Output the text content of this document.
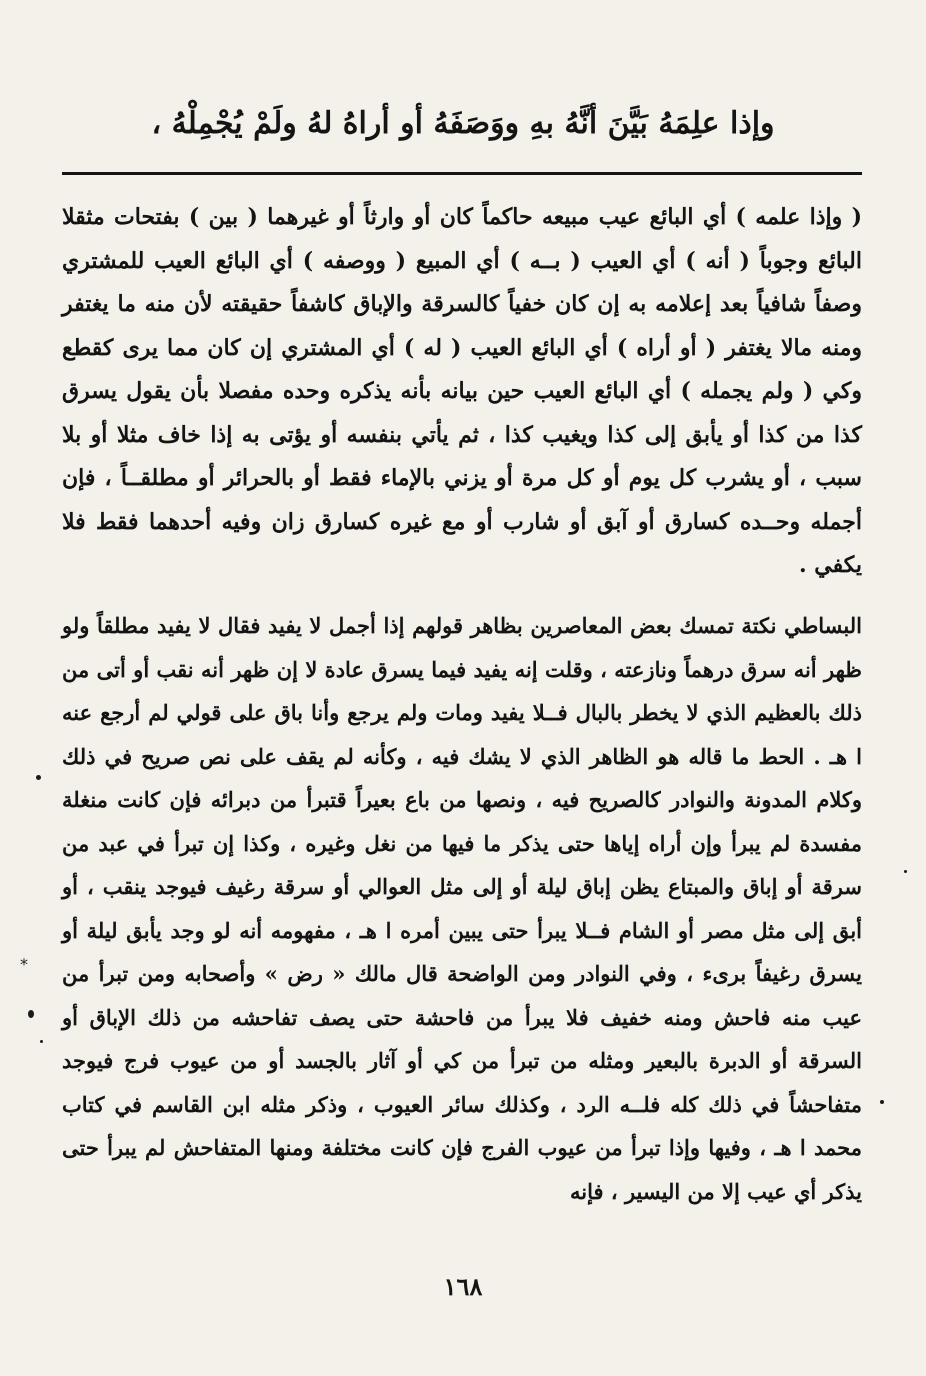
وإذا علِمَهُ بَيَّنَ أنَّهُ بهِ ووَصَفَهُ أو أراهُ لهُ ولَمْ يُجْمِلْهُ ،

( وإذا علمه ) أي البائع عيب مبيعه حاكماً كان أو وارثاً أو غيرهما ( بين ) بفتحات مثقلا البائع وجوباً ( أنه ) أي العيب ( بــه ) أي المبيع ( ووصفه ) أي البائع العيب للمشتري وصفاً شافياً بعد إعلامه به إن كان خفياً كالسرقة والإباق كاشفاً حقيقته لأن منه ما يغتفر ومنه مالا يغتفر ( أو أراه ) أي البائع العيب ( له ) أي المشتري إن كان مما يرى كقطع وكي ( ولم يجمله ) أي البائع العيب حين بيانه بأنه يذكره وحده مفصلا بأن يقول يسرق كذا من كذا أو يأبق إلى كذا ويغيب كذا ، ثم يأتي بنفسه أو يؤتى به إذا خاف مثلا أو بلا سبب ، أو يشرب كل يوم أو كل مرة أو يزني بالإماء فقط أو بالحرائر أو مطلقــاً ، فإن أجمله وحــده كسارق أو آبق أو شارب أو مع غيره كسارق زان وفيه أحدهما فقط فلا يكفي .

البساطي نكتة تمسك بعض المعاصرين بظاهر قولهم إذا أجمل لا يفيد فقال لا يفيد مطلقاً ولو ظهر أنه سرق درهماً ونازعته ، وقلت إنه يفيد فيما يسرق عادة لا إن ظهر أنه نقب أو أتى من ذلك بالعظيم الذي لا يخطر بالبال فــلا يفيد ومات ولم يرجع وأنا باق على قولي لم أرجع عنه ا هـ . الحط ما قاله هو الظاهر الذي لا يشك فيه ، وكأنه لم يقف على نص صريح في ذلك وكلام المدونة والنوادر كالصريح فيه ، ونصها من باع بعيراً قتبرأ من دبرائه فإن كانت منغلة مفسدة لم يبرأ وإن أراه إياها حتى يذكر ما فيها من نغل وغيره ، وكذا إن تبرأ في عبد من سرقة أو إباق والمبتاع يظن إباق ليلة أو إلى مثل العوالي أو سرقة رغيف فيوجد ينقب ، أو أبق إلى مثل مصر أو الشام فــلا يبرأ حتى يبين أمره ا هـ ، مفهومه أنه لو وجد يأبق ليلة أو يسرق رغيفاً برىء ، وفي النوادر ومن الواضحة قال مالك « رض » وأصحابه ومن تبرأ من عيب منه فاحش ومنه خفيف فلا يبرأ من فاحشة حتى يصف تفاحشه من ذلك الإباق أو السرقة أو الدبرة بالبعير ومثله من تبرأ من كي أو آثار بالجسد أو من عيوب فرج فيوجد متفاحشاً في ذلك كله فلــه الرد ، وكذلك سائر العيوب ، وذكر مثله ابن القاسم في كتاب محمد ا هـ ، وفيها وإذا تبرأ من عيوب الفرج فإن كانت مختلفة ومنها المتفاحش لم يبرأ حتى يذكر أي عيب إلا من اليسير ، فإنه

١٦٨
⁎
